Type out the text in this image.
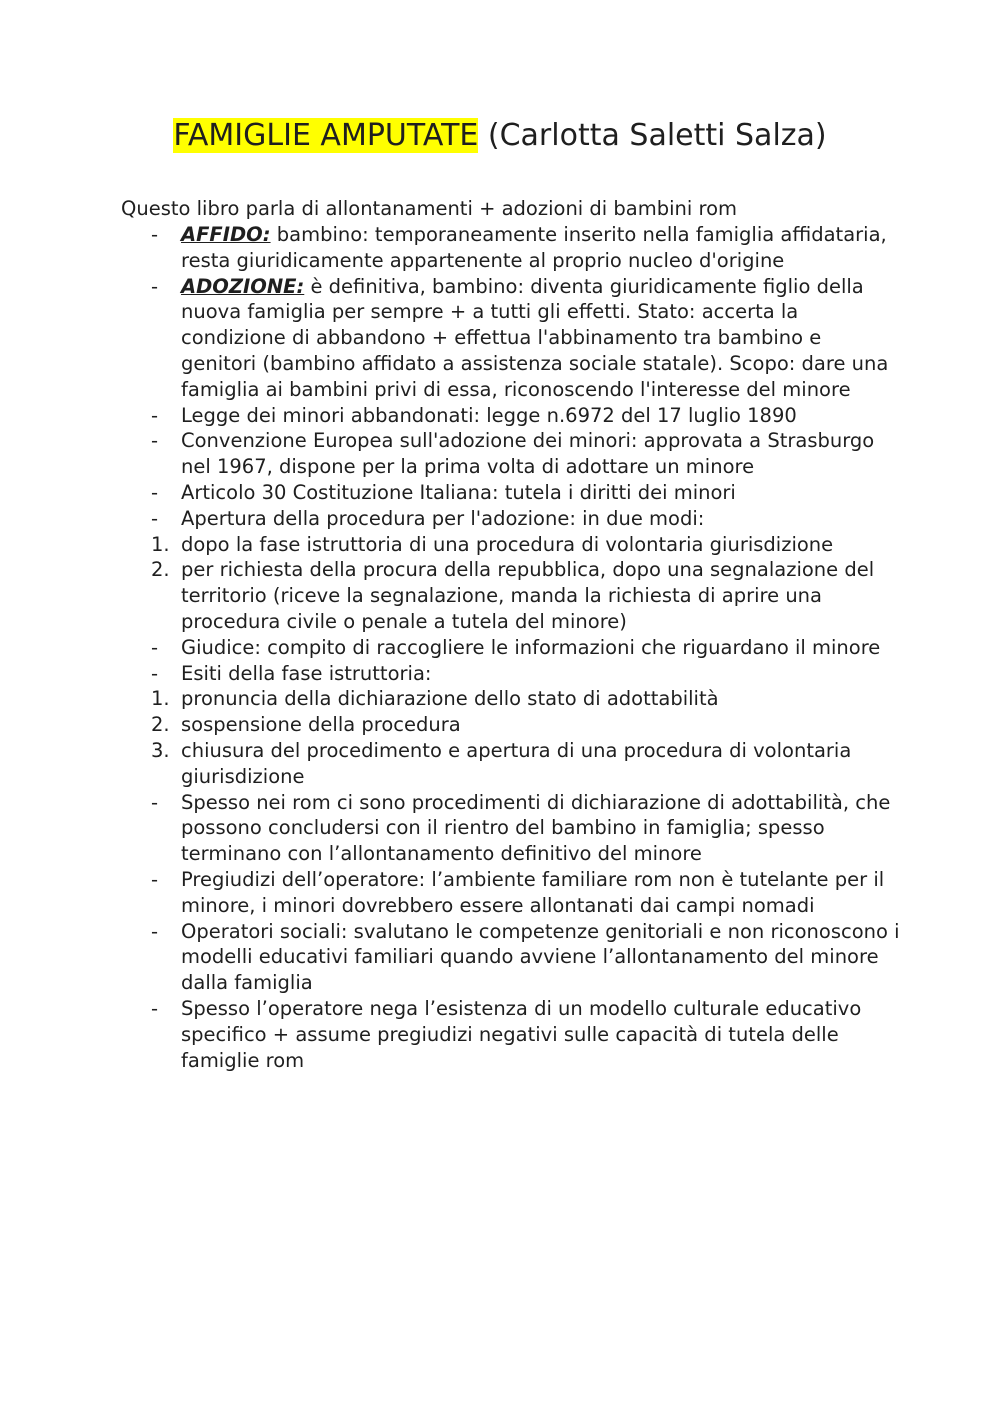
FAMIGLIE AMPUTATE (Carlotta Saletti Salza)

Questo libro parla di allontanamenti + adozioni di bambini rom

-	AFFIDO: bambino: temporaneamente inserito nella famiglia affidataria, resta giuridicamente appartenente al proprio nucleo d'origine
-	ADOZIONE: è definitiva, bambino: diventa giuridicamente figlio della nuova famiglia per sempre + a tutti gli effetti. Stato: accerta la condizione di abbandono + effettua l'abbinamento tra bambino e genitori (bambino affidato a assistenza sociale statale). Scopo: dare una famiglia ai bambini privi di essa, riconoscendo l'interesse del minore
-	Legge dei minori abbandonati: legge n.6972 del 17 luglio 1890
-	Convenzione Europea sull'adozione dei minori: approvata a Strasburgo nel 1967, dispone per la prima volta di adottare un minore
-	Articolo 30 Costituzione Italiana: tutela i diritti dei minori
-	Apertura della procedura per l'adozione: in due modi:
1. dopo la fase istruttoria di una procedura di volontaria giurisdizione
2. per richiesta della procura della repubblica, dopo una segnalazione del territorio (riceve la segnalazione, manda la richiesta di aprire una procedura civile o penale a tutela del minore)
-	Giudice: compito di raccogliere le informazioni che riguardano il minore
-	Esiti della fase istruttoria:
1. pronuncia della dichiarazione dello stato di adottabilità
2. sospensione della procedura
3. chiusura del procedimento e apertura di una procedura di volontaria giurisdizione
-	Spesso nei rom ci sono procedimenti di dichiarazione di adottabilità, che possono concludersi con il rientro del bambino in famiglia; spesso terminano con l’allontanamento definitivo del minore
-	Pregiudizi dell’operatore: l’ambiente familiare rom non è tutelante per il minore, i minori dovrebbero essere allontanati dai campi nomadi
-	Operatori sociali: svalutano le competenze genitoriali e non riconoscono i modelli educativi familiari quando avviene l’allontanamento del minore dalla famiglia
-	Spesso l’operatore nega l’esistenza di un modello culturale educativo specifico + assume pregiudizi negativi sulle capacità di tutela delle famiglie rom
